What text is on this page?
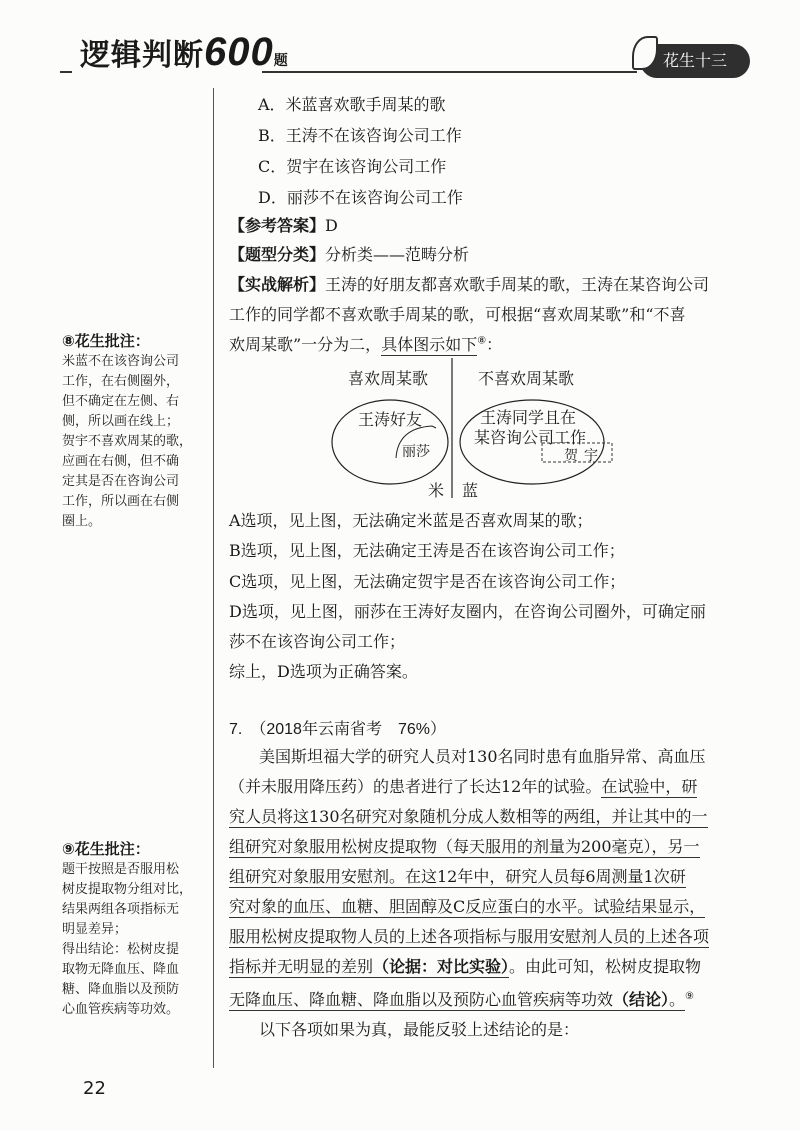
逻辑判断600题	花生十三
A．米蓝喜欢歌手周某的歌
B．王涛不在该咨询公司工作
C．贺宇在该咨询公司工作
D．丽莎不在该咨询公司工作
【参考答案】D
【题型分类】分析类——范畴分析
【实战解析】王涛的好朋友都喜欢歌手周某的歌，王涛在某咨询公司
工作的同学都不喜欢歌手周某的歌，可根据“喜欢周某歌”和“不喜
欢周某歌”一分为二，具体图示如下⑧：
⑧花生批注：
米蓝不在该咨询公司
工作，在右侧圈外，
但不确定在左侧、右
侧，所以画在线上；
贺宇不喜欢周某的歌，
应画在右侧，但不确
定其是否在咨询公司
工作，所以画在右侧
圈上。
喜欢周某歌	不喜欢周某歌
王涛好友
丽莎
王涛同学且在
某咨询公司工作
贺宇
米 蓝
A选项，见上图，无法确定米蓝是否喜欢周某的歌；
B选项，见上图，无法确定王涛是否在该咨询公司工作；
C选项，见上图，无法确定贺宇是否在该咨询公司工作；
D选项，见上图，丽莎在王涛好友圈内，在咨询公司圈外，可确定丽
莎不在该咨询公司工作；
综上，D选项为正确答案。
7. （2018年云南省考　76%）
美国斯坦福大学的研究人员对130名同时患有血脂异常、高血压
（并未服用降压药）的患者进行了长达12年的试验。在试验中，研
究人员将这130名研究对象随机分成人数相等的两组，并让其中的一
组研究对象服用松树皮提取物（每天服用的剂量为200毫克），另一
组研究对象服用安慰剂。在这12年中，研究人员每6周测量1次研
究对象的血压、血糖、胆固醇及C反应蛋白的水平。试验结果显示，
服用松树皮提取物人员的上述各项指标与服用安慰剂人员的上述各项
指标并无明显的差别（论据：对比实验）。由此可知，松树皮提取物
无降血压、降血糖、降血脂以及预防心血管疾病等功效（结论）。⑨
以下各项如果为真，最能反驳上述结论的是：
⑨花生批注：
题干按照是否服用松
树皮提取物分组对比，
结果两组各项指标无
明显差异；
得出结论：松树皮提
取物无降血压、降血
糖、降血脂以及预防
心血管疾病等功效。
22
